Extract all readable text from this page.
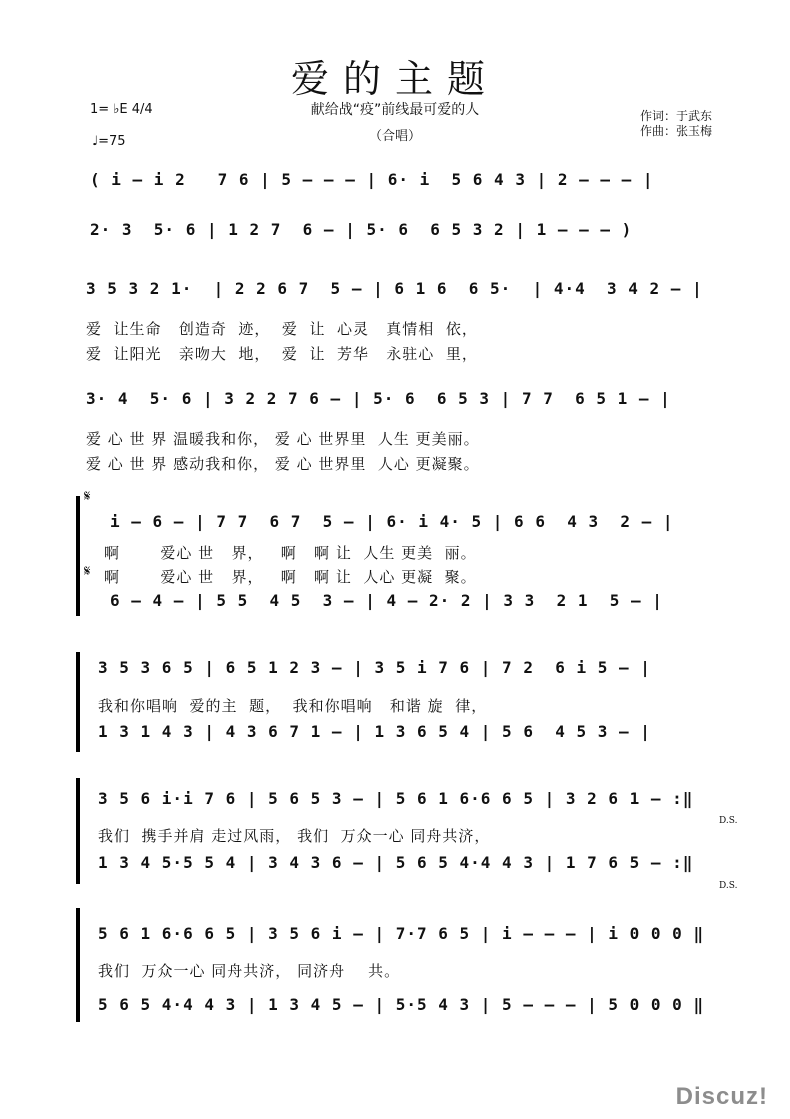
爱的主题
献给战“疫”前线最可爱的人
（合唱）
1= ♭E 4/4
♩=75
作词：于武东
作曲：张玉梅
( i – i 2   7 6 | 5 – – – | 6· i  5 6 4 3 | 2 – – – |
2· 3  5· 6 | 1 2 7  6 – | 5· 6  6 5 3 2 | 1 – – – )
3 5 3 2 1·  | 2 2 6 7  5 – | 6 1 6  6 5·  | 4·4  3 4 2 – |
爱  让生命   创造奇  迹，  爱  让  心灵   真情相  依，
爱  让阳光   亲吻大  地，  爱  让  芳华   永驻心  里，
3· 4  5· 6 | 3 2 2 7 6 – | 5· 6  6 5 3 | 7 7  6 5 1 – |
爱 心 世 界 温暖我和你， 爱 心 世界里  人生 更美丽。
爱 心 世 界 感动我和你， 爱 心 世界里  人心 更凝聚。
𝄋
i – 6 – | 7 7  6 7  5 – | 6· i 4· 5 | 6 6  4 3  2 – |
啊       爱心 世   界，   啊   啊 让  人生 更美  丽。
𝄋 啊       爱心 世   界，   啊   啊 让  人心 更凝  聚。
6 – 4 – | 5 5  4 5  3 – | 4 – 2· 2 | 3 3  2 1  5 – |
3 5 3 6 5 | 6 5 1 2 3 – | 3 5 i 7 6 | 7 2  6 i 5 – |
我和你唱响  爱的主  题，  我和你唱响   和谐 旋  律，
1 3 1 4 3 | 4 3 6 7 1 – | 1 3 6 5 4 | 5 6  4 5 3 – |
3 5 6 i·i 7 6 | 5 6 5 3 – | 5 6 1 6·6 6 5 | 3 2 6 1 – :‖
我们  携手并肩 走过风雨， 我们  万众一心 同舟共济，
1 3 4 5·5 5 4 | 3 4 3 6 – | 5 6 5 4·4 4 3 | 1 7 6 5 – :‖
D.S.
D.S.
5 6 1 6·6 6 5 | 3 5 6 i – | 7·7 6 5 | i – – – | i 0 0 0 ‖
我们  万众一心 同舟共济， 同济舟    共。
5 6 5 4·4 4 3 | 1 3 4 5 – | 5·5 4 3 | 5 – – – | 5 0 0 0 ‖
Discuz!
